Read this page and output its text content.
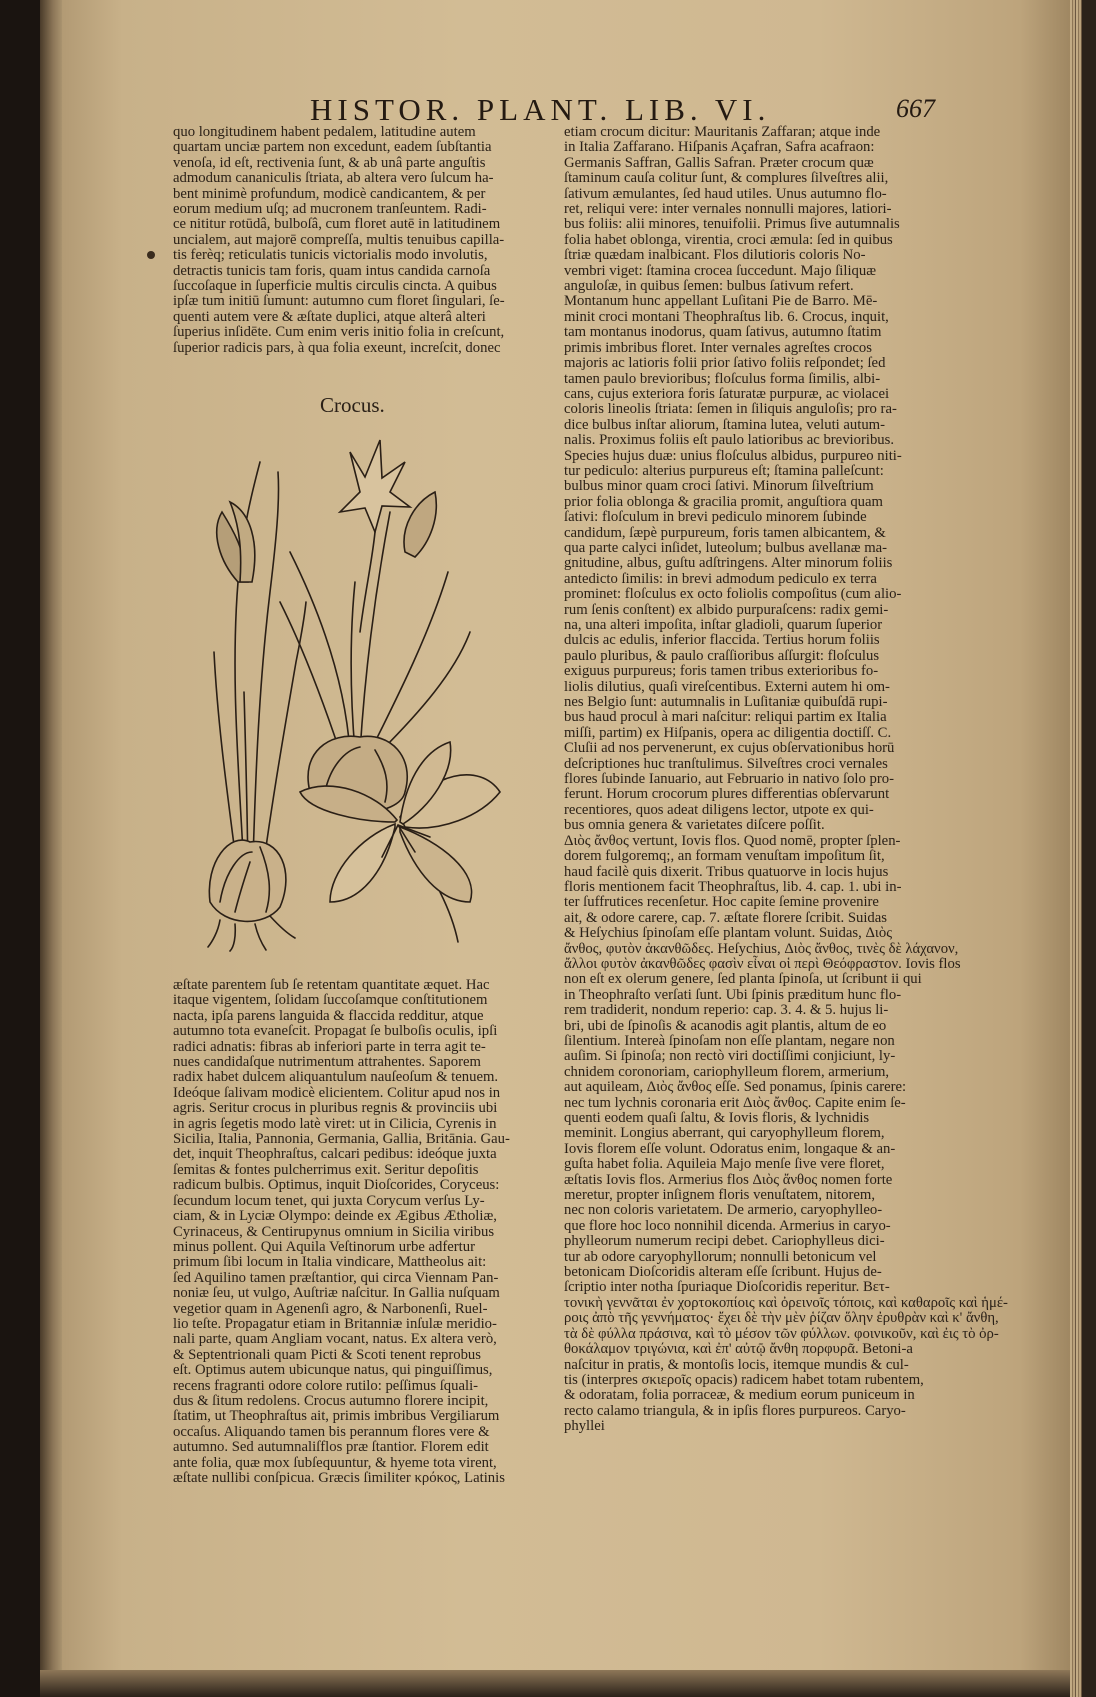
HISTOR. PLANT. LIB. VI.	667

quo longitudinem habent pedalem, latitudine autem

quartam unciæ partem non excedunt, eadem ſubſtantia

venoſa, id eſt, rectivenia ſunt, & ab unâ parte anguſtis

admodum cananiculis ſtriata, ab altera vero ſulcum ha-

bent minimè profundum, modicè candicantem, & per

eorum medium uſq; ad mucronem tranſeuntem. Radi-

ce nititur rotūdâ, bulboſâ, cum floret autē in latitudinem

uncialem, aut majorē compreſſa, multis tenuibus capilla-

tis ferèq; reticulatis tunicis victorialis modo involutis,

detractis tunicis tam foris, quam intus candida carnoſa

ſuccoſaque in ſuperficie multis circulis cincta. A quibus

ipſæ tum initiū ſumunt: autumno cum floret ſingulari, ſe-

quenti autem vere & æſtate duplici, atque alterâ alteri

ſuperius inſidēte. Cum enim veris initio folia in creſcunt,

ſuperior radicis pars, à qua folia exeunt, increſcit, donec

Crocus.

æſtate parentem ſub ſe retentam quantitate æquet. Hac

itaque vigentem, ſolidam ſuccoſamque conſtitutionem

nacta, ipſa parens languida & flaccida redditur, atque

autumno tota evaneſcit. Propagat ſe bulboſis oculis, ipſi

radici adnatis: fibras ab inferiori parte in terra agit te-

nues candidaſque nutrimentum attrahentes. Saporem

radix habet dulcem aliquantulum nauſeoſum & tenuem.

Ideóque ſalivam modicè elicientem. Colitur apud nos in

agris. Seritur crocus in pluribus regnis & provinciis ubi

in agris ſegetis modo latè viret: ut in Cilicia, Cyrenis in

Sicilia, Italia, Pannonia, Germania, Gallia, Britānia. Gau-

det, inquit Theophraſtus, calcari pedibus: ideóque juxta

ſemitas & fontes pulcherrimus exit. Seritur depoſitis

radicum bulbis. Optimus, inquit Dioſcorides, Coryceus:

ſecundum locum tenet, qui juxta Corycum verſus Ly-

ciam, & in Lyciæ Olympo: deinde ex Ægibus Ætholiæ,

Cyrinaceus, & Centirupynus omnium in Sicilia viribus

minus pollent. Qui Aquila Veſtinorum urbe adfertur

primum ſibi locum in Italia vindicare, Mattheolus ait:

ſed Aquilino tamen præſtantior, qui circa Viennam Pan-

noniæ ſeu, ut vulgo, Auſtriæ naſcitur. In Gallia nuſquam

vegetior quam in Agenenſi agro, & Narbonenſi, Ruel-

lio teſte. Propagatur etiam in Britanniæ inſulæ meridio-

nali parte, quam Angliam vocant, natus. Ex altera verò,

& Septentrionali quam Picti & Scoti tenent reprobus

eſt. Optimus autem ubicunque natus, qui pinguiſſimus,

recens fragranti odore colore rutilo: peſſimus ſquali-

dus & ſitum redolens. Crocus autumno florere incipit,

ſtatim, ut Theophraſtus ait, primis imbribus Vergiliarum

occaſus. Aliquando tamen bis perannum flores vere &

autumno. Sed autumnaliſflos præ ſtantior. Florem edit

ante folia, quæ mox ſubſequuntur, & hyeme tota virent,

æſtate nullibi conſpicua. Græcis ſimiliter κρόκος, Latinis

etiam crocum dicitur: Mauritanis Zaffaran; atque inde

in Italia Zaffarano. Hiſpanis Açafran, Safra acafraon:

Germanis Saffran, Gallis Safran. Præter crocum quæ

ſtaminum cauſa colitur ſunt, & complures ſilveſtres alii,

ſativum æmulantes, ſed haud utiles. Unus autumno flo-

ret, reliqui vere: inter vernales nonnulli majores, latiori-

bus foliis: alii minores, tenuifolii. Primus ſive autumnalis

folia habet oblonga, virentia, croci æmula: ſed in quibus

ſtriæ quædam inalbicant. Flos dilutioris coloris No-

vembri viget: ſtamina crocea ſuccedunt. Majo ſiliquæ

anguloſæ, in quibus ſemen: bulbus ſativum refert.

Montanum hunc appellant Luſitani Pie de Barro. Mē-

minit croci montani Theophraſtus lib. 6. Crocus, inquit,

tam montanus inodorus, quam ſativus, autumno ſtatim

primis imbribus floret. Inter vernales agreſtes crocos

majoris ac latioris folii prior ſativo foliis reſpondet; ſed

tamen paulo brevioribus; floſculus forma ſimilis, albi-

cans, cujus exteriora foris ſaturatæ purpuræ, ac violacei

coloris lineolis ſtriata: ſemen in ſiliquis anguloſis; pro ra-

dice bulbus inſtar aliorum, ſtamina lutea, veluti autum-

nalis. Proximus foliis eſt paulo latioribus ac brevioribus.

Species hujus duæ: unius floſculus albidus, purpureo niti-

tur pediculo: alterius purpureus eſt; ſtamina palleſcunt:

bulbus minor quam croci ſativi. Minorum ſilveſtrium

prior folia oblonga & gracilia promit, anguſtiora quam

ſativi: floſculum in brevi pediculo minorem ſubinde

candidum, ſæpè purpureum, foris tamen albicantem, &

qua parte calyci inſidet, luteolum; bulbus avellanæ ma-

gnitudine, albus, guſtu adſtringens. Alter minorum foliis

antedicto ſimilis: in brevi admodum pediculo ex terra

prominet: floſculus ex octo foliolis compoſitus (cum alio-

rum ſenis conſtent) ex albido purpuraſcens: radix gemi-

na, una alteri impoſita, inſtar gladioli, quarum ſuperior

dulcis ac edulis, inferior flaccida. Tertius horum foliis

paulo pluribus, & paulo craſſioribus aſſurgit: floſculus

exiguus purpureus; foris tamen tribus exterioribus fo-

liolis dilutius, quaſi vireſcentibus. Externi autem hi om-

nes Belgio ſunt: autumnalis in Luſitaniæ quibuſdā rupi-

bus haud procul à mari naſcitur: reliqui partim ex Italia

miſſi, partim) ex Hiſpanis, opera ac diligentia doctiſſ. C.

Cluſii ad nos pervenerunt, ex cujus obſervationibus horū

deſcriptiones huc tranſtulimus. Silveſtres croci vernales

flores ſubinde Ianuario, aut Februario in nativo ſolo pro-

ferunt. Horum crocorum plures differentias obſervarunt

recentiores, quos adeat diligens lector, utpote ex qui-

bus omnia genera & varietates diſcere poſſit.

Διὸς ἄνθος vertunt, Iovis flos. Quod nomē, propter ſplen-

dorem fulgoremq;, an formam venuſtam impoſitum ſit,

haud facilè quis dixerit. Tribus quatuorve in locis hujus

floris mentionem facit Theophraſtus, lib. 4. cap. 1. ubi in-

ter ſuffrutices recenſetur. Hoc capite ſemine provenire

ait, & odore carere, cap. 7. æſtate florere ſcribit. Suidas

& Heſychius ſpinoſam eſſe plantam volunt. Suidas, Διὸς

ἄνθος, φυτὸν ἀκανθῶδες. Heſychius, Διὸς ἄνθος, τινὲς δὲ λάχανον,

ἄλλοι φυτὸν ἀκανθῶδες φασὶν εἶναι οἱ περὶ Θεόφραστον. Iovis flos

non eſt ex olerum genere, ſed planta ſpinoſa, ut ſcribunt ii qui

in Theophraſto verſati ſunt. Ubi ſpinis præditum hunc flo-

rem tradiderit, nondum reperio: cap. 3. 4. & 5. hujus li-

bri, ubi de ſpinoſis & acanodis agit plantis, altum de eo

ſilentium. Intereà ſpinoſam non eſſe plantam, negare non

auſim. Si ſpinoſa; non rectò viri doctiſſimi conjiciunt, ly-

chnidem coronoriam, cariophylleum florem, armerium,

aut aquileam, Διὸς ἄνθος eſſe. Sed ponamus, ſpinis carere:

nec tum lychnis coronaria erit Διὸς ἄνθος. Capite enim ſe-

quenti eodem quaſi ſaltu, & Iovis floris, & lychnidis

meminit. Longius aberrant, qui caryophylleum florem,

Iovis florem eſſe volunt. Odoratus enim, longaque & an-

guſta habet folia. Aquileia Majo menſe ſive vere floret,

æſtatis Iovis flos. Armerius flos Διὸς ἄνθος nomen forte

meretur, propter inſignem floris venuſtatem, nitorem,

nec non coloris varietatem. De armerio, caryophylleo-

que flore hoc loco nonnihil dicenda. Armerius in caryo-

phylleorum numerum recipi debet. Cariophylleus dici-

tur ab odore caryophyllorum; nonnulli betonicum vel

betonicam Dioſcoridis alteram eſſe ſcribunt. Hujus de-

ſcriptio inter notha ſpuriaque Dioſcoridis reperitur. Βετ-

τονικὴ γεννᾶται ἐν χορτοκοπίοις καὶ ὀρεινοῖς τόποις, καὶ καθαροῖς καὶ ἡμέ-

ροις ἀπὸ τῆς γεννήματος· ἔχει δὲ τὴν μὲν ῥίζαν ὅλην ἐρυθρὰν καὶ κ' ἄνθη,

τὰ δὲ φύλλα πράσινα, καὶ τὸ μέσον τῶν φύλλων. φοινικοῦν, καὶ ἐις τὸ ὀρ-

θοκάλαμον τριγώνια, καὶ ἐπ' αὐτῷ ἄνθη πορφυρᾶ. Betoni-a

naſcitur in pratis, & montoſis locis, itemque mundis & cul-

tis (interpres σκιεροῖς opacis) radicem habet totam rubentem,

& odoratam, folia porraceæ, & medium eorum puniceum in

recto calamo triangula, & in ipſis flores purpureos. Caryo-

phyllei
